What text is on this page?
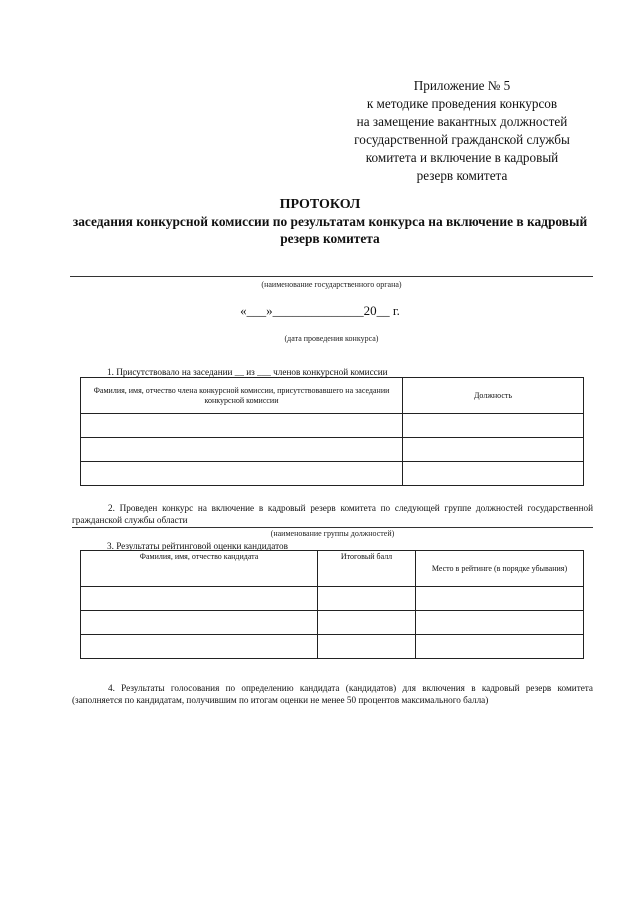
Приложение № 5
к методике проведения конкурсов
на замещение вакантных должностей
государственной гражданской службы
комитета и включение в кадровый
резерв комитета
ПРОТОКОЛ
заседания конкурсной комиссии по результатам конкурса на включение в кадровый резерв комитета
(наименование государственного органа)
«___»______________20__ г.
(дата проведения конкурса)
1. Присутствовало на заседании __ из ___ членов конкурсной комиссии
Фамилия, имя, отчество члена конкурсной комиссии, присутствовавшего на заседании конкурсной комиссии	Должность

2. Проведен конкурс на включение в кадровый резерв комитета по следующей группе должностей государственной гражданской службы области
(наименование группы должностей)
3. Результаты рейтинговой оценки кандидатов
Фамилия, имя, отчество кандидата	Итоговый балл	Место в рейтинге (в порядке убывания)

4. Результаты голосования по определению кандидата (кандидатов) для включения в кадровый резерв комитета (заполняется по кандидатам, получившим по итогам оценки не менее 50 процентов максимального балла)
